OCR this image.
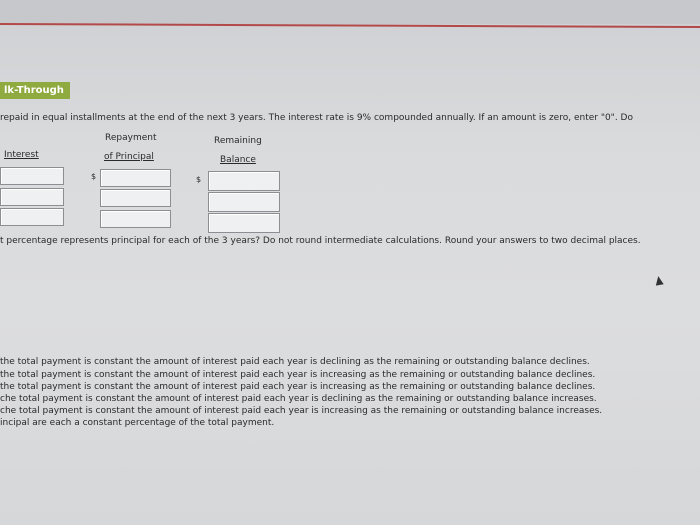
lk-Through
repaid in equal installments at the end of the next 3 years. The interest rate is 9% compounded annually. If an amount is zero, enter "0". Do
Repayment
of Principal
Remaining
Balance
Interest
$	$
t percentage represents principal for each of the 3 years? Do not round intermediate calculations. Round your answers to two decimal places.
the total payment is constant the amount of interest paid each year is declining as the remaining or outstanding balance declines.
the total payment is constant the amount of interest paid each year is increasing as the remaining or outstanding balance declines.
the total payment is constant the amount of interest paid each year is increasing as the remaining or outstanding balance declines.
che total payment is constant the amount of interest paid each year is declining as the remaining or outstanding balance increases.
che total payment is constant the amount of interest paid each year is increasing as the remaining or outstanding balance increases.
incipal are each a constant percentage of the total payment.
